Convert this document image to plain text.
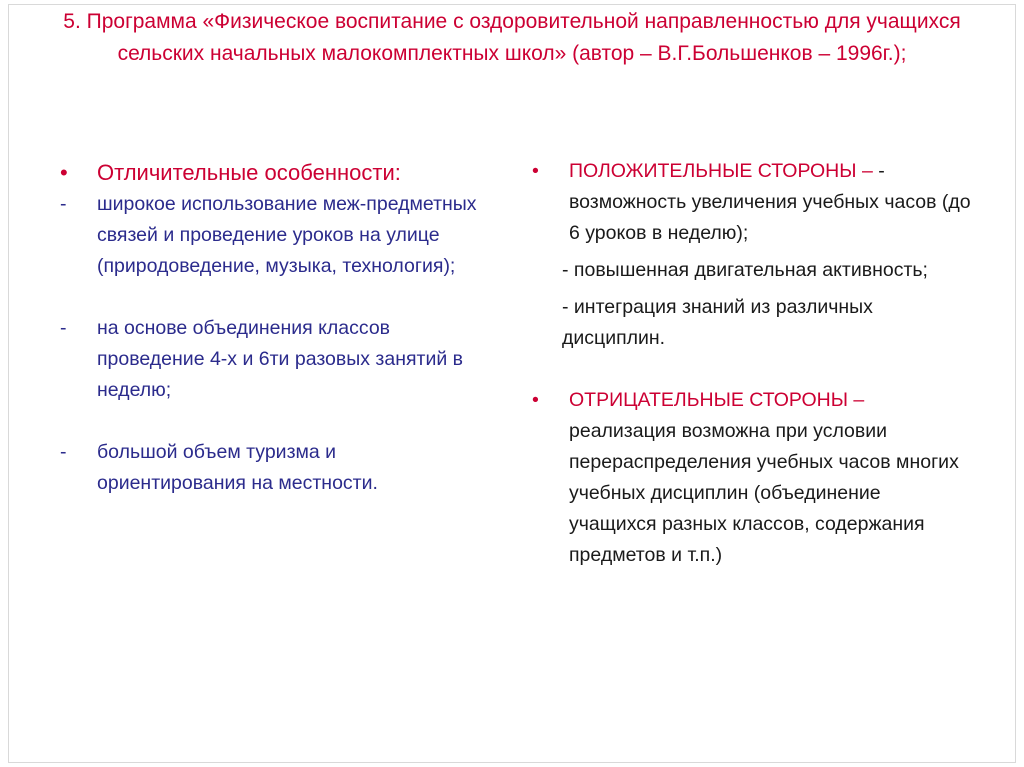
5. Программа «Физическое воспитание с оздоровительной направленностью для учащихся сельских начальных малокомплектных школ» (автор – В.Г.Большенков – 1996г.);
•	Отличительные особенности:
-	широкое использование меж-предметных связей и проведение уроков на улице (природоведение, музыка, технология);
-	на основе объединения классов проведение 4-х и 6ти разовых занятий в неделю;
-	большой объем туризма и ориентирования на местности.
•	ПОЛОЖИТЕЛЬНЫЕ СТОРОНЫ – - возможность увеличения учебных часов (до 6 уроков в неделю);
- повышенная двигательная активность;
- интеграция знаний из различных дисциплин.
•	ОТРИЦАТЕЛЬНЫЕ СТОРОНЫ –
реализация возможна при условии перераспределения учебных часов многих учебных дисциплин (объединение учащихся разных классов, содержания предметов и т.п.)
